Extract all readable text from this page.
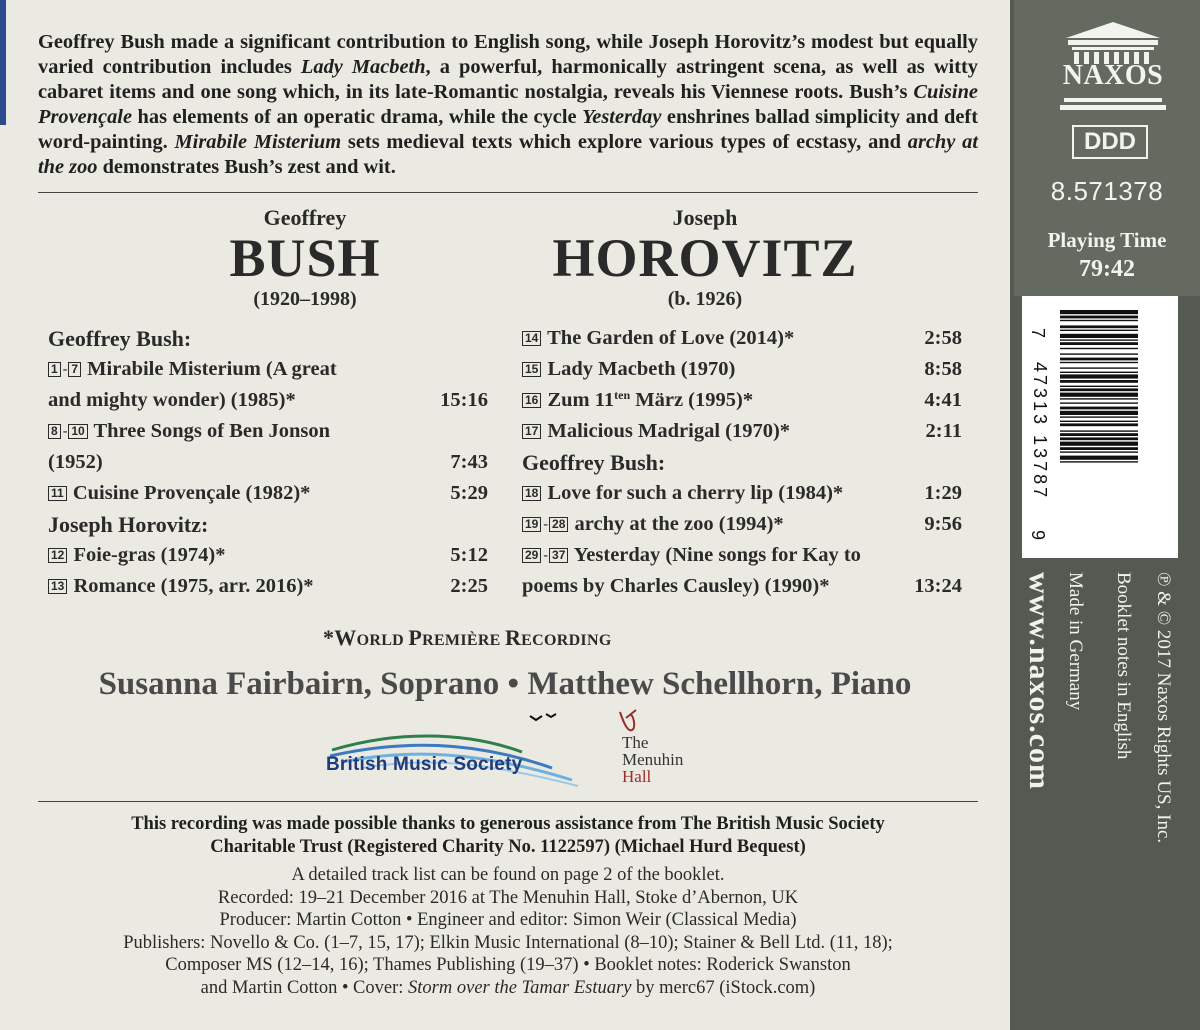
Geoffrey Bush made a significant contribution to English song, while Joseph Horovitz’s modest but equally varied contribution includes Lady Macbeth, a powerful, harmonically astringent scena, as well as witty cabaret items and one song which, in its late-Romantic nostalgia, reveals his Viennese roots. Bush’s Cuisine Provençale has elements of an operatic drama, while the cycle Yesterday enshrines ballad simplicity and deft word-painting. Mirabile Misterium sets medieval texts which explore various types of ecstasy, and archy at the zoo demonstrates Bush’s zest and wit.
Geoffrey
BUSH
(1920–1998)
Joseph
HOROVITZ
(b. 1926)
Geoffrey Bush:
1 - 7 Mirabile Misterium (A great
and mighty wonder) (1985)*	15:16
8 - 10 Three Songs of Ben Jonson
(1952)	7:43
11 Cuisine Provençale (1982)*	5:29
Joseph Horovitz:
12 Foie-gras (1974)*	5:12
13 Romance (1975, arr. 2016)*	2:25
14 The Garden of Love (2014)*	2:58
15 Lady Macbeth (1970)	8:58
16 Zum $11^{ten}$ März (1995)*	4:41
17 Malicious Madrigal (1970)*	2:11
Geoffrey Bush:
18 Love for such a cherry lip (1984)*	1:29
19 - 28 archy at the zoo (1994)*	9:56
29 - 37 Yesterday (Nine songs for Kay to
poems by Charles Causley) (1990)*	13:24
*WORLD PREMIÈRE RECORDING
Susanna Fairbairn, Soprano • Matthew Schellhorn, Piano
British Music Society
The
Menuhin
Hall
This recording was made possible thanks to generous assistance from The British Music Society
Charitable Trust (Registered Charity No. 1122597) (Michael Hurd Bequest)
A detailed track list can be found on page 2 of the booklet.
Recorded: 19–21 December 2016 at The Menuhin Hall, Stoke d’Abernon, UK
Producer: Martin Cotton • Engineer and editor: Simon Weir (Classical Media)
Publishers: Novello & Co. (1–7, 15, 17); Elkin Music International (8–10); Stainer & Bell Ltd. (11, 18);
Composer MS (12–14, 16); Thames Publishing (19–37) • Booklet notes: Roderick Swanston
and Martin Cotton • Cover: Storm over the Tamar Estuary by merc67 (iStock.com)
NAXOS
DDD
8.571378
Playing Time
79:42
7
47313 13787
9
www.naxos.com Made in Germany Booklet notes in English ℗ & © 2017 Naxos Rights US, Inc.
